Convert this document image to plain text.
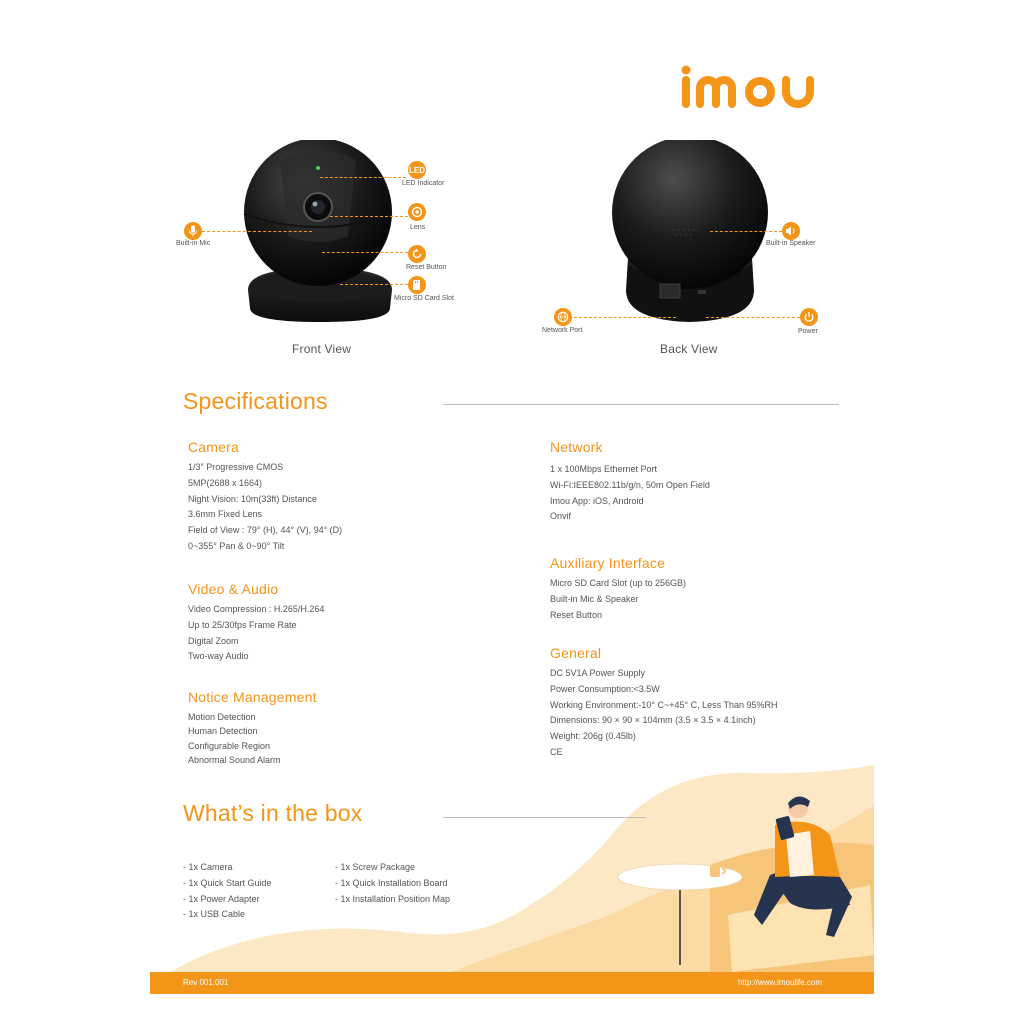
imou
LED
LED Indicator
Lens
Reset Button
Micro SD Card Slot
Built-in Mic
Front View
Built-in Speaker
Network Port	Power
Back View
Specifications
Camera
1/3″ Progressive CMOS
5MP(2688 x 1664)
Night Vision: 10m(33ft) Distance
3.6mm Fixed Lens
Field of View : 79° (H), 44° (V), 94° (D)
0~355° Pan & 0~90° Tilt
Video & Audio
Video Compression : H.265/H.264
Up to 25/30fps Frame Rate
Digital Zoom
Two-way Audio
Notice Management
Motion Detection
Human Detection
Configurable Region
Abnormal Sound Alarm
Network
1 x 100Mbps Ethernet Port
Wi-Fi:IEEE802.11b/g/n, 50m Open Field
Imou App: iOS, Android
Onvif
Auxiliary Interface
Micro SD Card Slot (up to 256GB)
Built-in Mic & Speaker
Reset Button
General
DC 5V1A Power Supply
Power Consumption:<3.5W
Working Environment:-10° C~+45° C, Less Than 95%RH
Dimensions: 90 × 90 × 104mm (3.5 × 3.5 × 4.1inch)
Weight: 206g (0.45lb)
CE
What’s in the box
- 1x Camera
- 1x Quick Start Guide
- 1x Power Adapter
- 1x USB Cable
- 1x Screw Package
- 1x Quick Installation Board
- 1x Installation Position Map
Rev 001.001	http://www.imoulife.com
